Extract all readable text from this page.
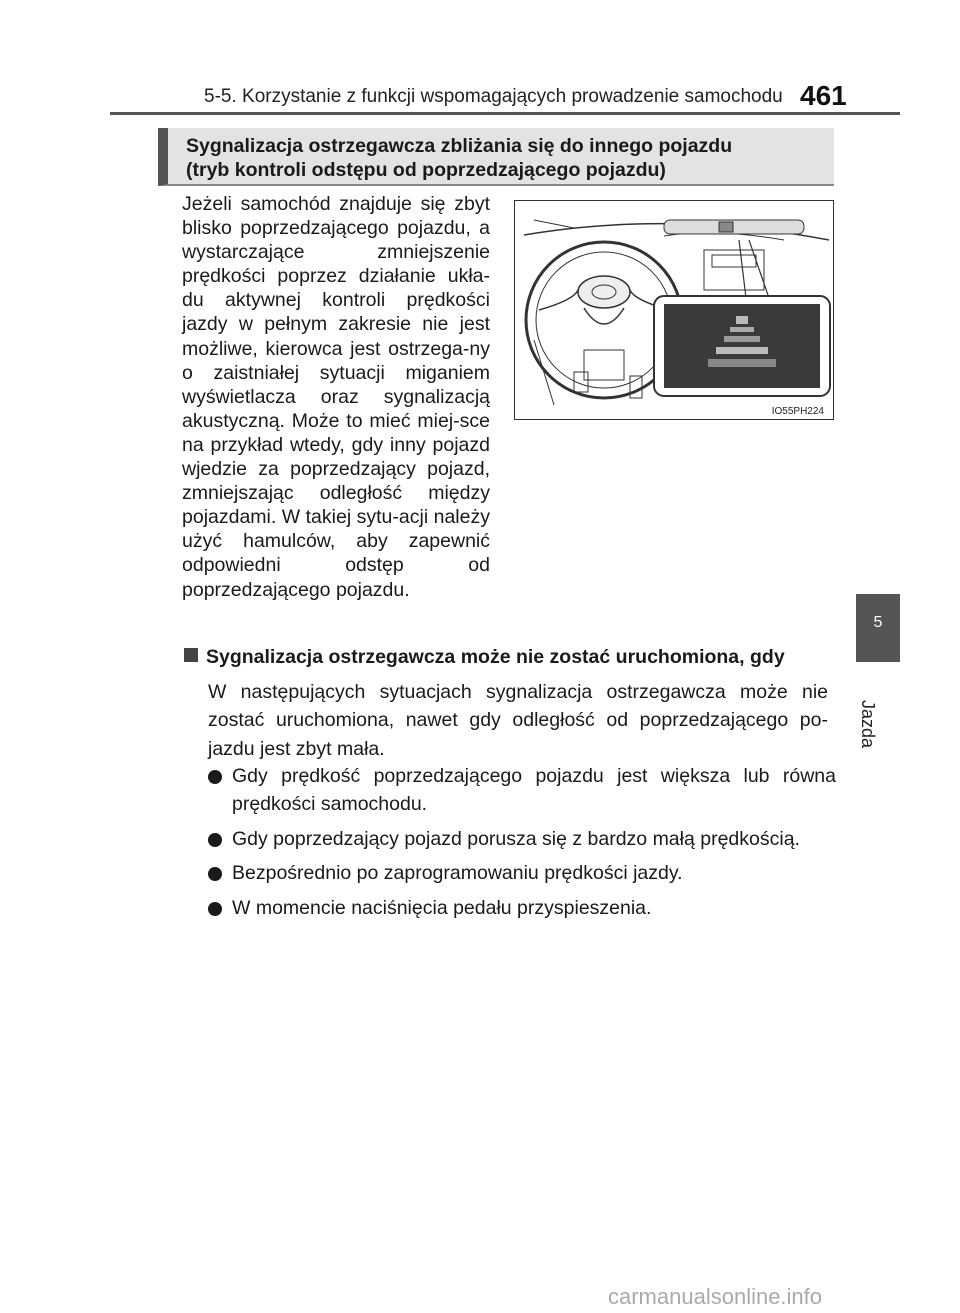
5-5. Korzystanie z funkcji wspomagających prowadzenie samochodu 461
5
Jazda
Sygnalizacja ostrzegawcza zbliżania się do innego pojazdu
(tryb kontroli odstępu od poprzedzającego pojazdu)
Jeżeli samochód znajduje się zbyt blisko poprzedzającego pojazdu, a wystarczające zmniejszenie prędkości poprzez działanie ukła-du aktywnej kontroli prędkości jazdy w pełnym zakresie nie jest możliwe, kierowca jest ostrzega-ny o zaistniałej sytuacji miganiem wyświetlacza oraz sygnalizacją akustyczną. Może to mieć miej-sce na przykład wtedy, gdy inny pojazd wjedzie za poprzedzający pojazd, zmniejszając odległość między pojazdami. W takiej sytu-acji należy użyć hamulców, aby zapewnić odpowiedni odstęp od poprzedzającego pojazdu.
IO55PH224
Sygnalizacja ostrzegawcza może nie zostać uruchomiona, gdy
W następujących sytuacjach sygnalizacja ostrzegawcza może nie zostać uruchomiona, nawet gdy odległość od poprzedzającego po-jazdu jest zbyt mała.
Gdy prędkość poprzedzającego pojazdu jest większa lub równa prędkości samochodu.
Gdy poprzedzający pojazd porusza się z bardzo małą prędkością.
Bezpośrednio po zaprogramowaniu prędkości jazdy.
W momencie naciśnięcia pedału przyspieszenia.
carmanualsonline.info
